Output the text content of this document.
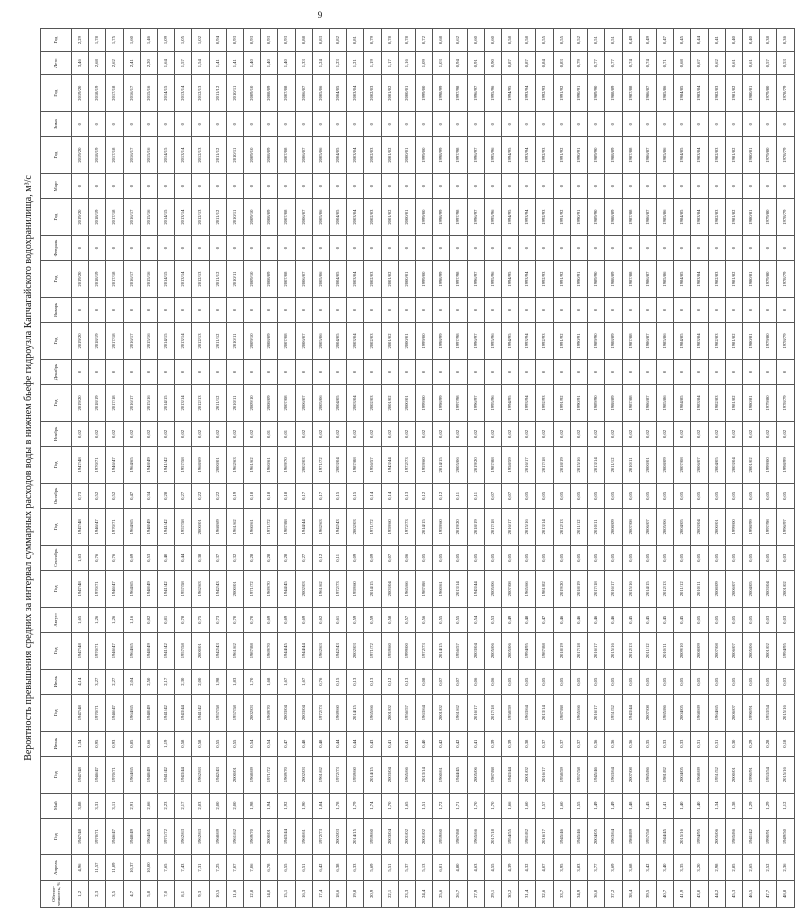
9
Вероятность превышения средних за интервал суммарных расходов воды в нижнем бьефе гидроузла Капчагайского водохранилища, м³/с
Обеспе-ченность, %	Апрель	Год	Май	Год	Июнь	Год	Июль	Год	Август	Год	Сентябрь	Год	Октябрь	Год	Ноябрь	Год	Декабрь	Год	Январь	Год	Февраль	Год	Март	Год	Зима	Год	Лето	Год
1,2	4,96	1947/48	3,88	1947/48	1,34	1947/48	4,14	1947/48	1,65	1947/48	1,63	1947/48	0,73	1947/48	0,02	2019/20	0	2019/20	0	2019/20	0	2019/20	0	2019/20	0	2019/20	3,46	2,29
2,3	11,57	1970/71	3,31	1946/47	0,95	1970/71	3,27	1970/71	1,26	1970/71	0,76	1946/47	0,52	1970/71	0,02	2018/19	0	2018/19	0	2018/19	0	2018/19	0	2018/19	0	2018/19	2,68	1,78
3,5	11,09	1946/47	3,11	1970/71	0,93	1946/47	2,27	1946/47	1,26	1946/47	0,76	1970/71	0,52	1946/47	0,02	2017/18	0	2017/18	0	2017/18	0	2017/18	0	2017/18	0	2017/18	2,62	1,75
4,7	10,37	1948/49	2,91	1964/65	0,85	1964/65	2,04	1964/65	1,16	1964/65	0,69	1964/65	0,47	1964/65	0,02	2016/17	0	2016/17	0	2016/17	0	2016/17	0	2016/17	0	2016/17	2,41	1,60
5,8	10,00	1964/65	2,66	1948/49	0,66	1948/49	2,50	1948/49	0,82	1948/49	0,53	1948/49	0,34	1948/49	0,02	2015/16	0	2015/16	0	2015/16	0	2015/16	0	2015/16	0	2015/16	2,20	1,46
7,0	7,65	1971/72	2,23	1941/42	1,19	1941/42	2,17	1941/42	0,81	1941/42	0,40	1941/42	0,28	1941/42	0,02	2014/15	0	2014/15	0	2014/15	0	2014/15	0	2014/15	0	2014/15	1,64	1,09
8,1	7,43	1962/63	2,17	1943/44	0,58	1943/44	2,30	1957/58	0,78	1957/58	0,44	1957/58	0,27	1957/58	0,02	2013/14	0	2013/14	0	2013/14	0	2013/14	0	2013/14	0	2013/14	1,57	1,05
9,3	7,31	1962/63	2,03	1962/63	0,58	1941/42	2,00	2000/01	0,75	1962/63	0,38	2000/01	0,22	1968/69	0,02	2012/13	0	2012/13	0	2012/13	0	2012/13	0	2012/13	0	2012/13	1,54	1,02
10,5	7,25	1968/69	2,00	1942/43	0,55	1957/58	1,98	1942/43	0,73	1942/43	0,37	1968/69	0,22	2000/01	0,02	2011/12	0	2011/12	0	2011/12	0	2011/12	0	2011/12	0	2011/12	1,41	0,94
11,6	7,07	1961/62	2,00	2000/01	0,55	1957/58	1,83	1961/62	0,70	2000/01	0,32	1961/62	0,19	1962/63	0,02	2010/11	0	2010/11	0	2010/11	0	2010/11	0	2010/11	0	2010/11	1,41	0,93
12,8	7,06	1969/70	1,98	1968/69	0,54	2002/03	1,70	1987/88	0,70	1971/72	0,28	1960/61	0,18	1961/62	0,02	2009/10	0	2009/10	0	2009/10	0	2009/10	0	2009/10	0	2009/10	1,40	0,93
14,0	6,78	2000/01	1,94	1971/72	0,54	1969/70	1,68	1969/70	0,69	1969/70	0,28	1971/72	0,18	1960/61	0,01	2008/09	0	2008/09	0	2008/09	0	2008/09	0	2008/09	0	2008/09	1,40	0,93
15,1	6,55	1943/44	1,92	1969/70	0,47	2003/04	1,67	1944/45	0,69	1944/45	0,28	1987/88	0,18	1969/70	0,01	2007/08	0	2007/08	0	2007/08	0	2007/08	0	2007/08	0	2007/08	1,40	0,93
16,3	6,51	1960/61	1,90	2002/03	0,48	2003/04	1,67	1944/44	0,69	2002/03	0,27	1944/44	0,17	2002/03	0,02	2006/07	0	2006/07	0	2006/07	0	2006/07	0	2006/07	0	2006/07	1,33	0,88
17,4	6,42	1972/73	1,84	1961/62	0,48	1972/73	0,76	1962/63	0,62	1961/62	0,12	1962/63	0,17	1971/72	0,02	2005/06	0	2005/06	0	2005/06	0	2005/06	0	2005/06	0	2005/06	1,24	0,83
18,6	6,38	2002/03	1,78	1972/73	0,44	1969/60	0,15	1942/43	0,61	1972/73	0,11	1942/43	0,15	2003/04	0,02	2004/05	0	2004/05	0	2004/05	0	2004/05	0	2004/05	0	2004/05	1,23	0,82
19,8	6,33	2014/15	1,79	1959/60	0,44	2014/15	0,13	2002/03	0,59	1959/60	0,09	2002/03	0,15	1987/88	0,02	2003/04	0	2003/04	0	2003/04	0	2003/04	0	2003/04	0	2003/04	1,21	0,81
20,9	5,69	1959/60	1,74	2014/15	0,43	1965/66	0,13	1971/72	0,59	2014/15	0,09	1971/72	0,14	1956/57	0,02	2002/03	0	2002/03	0	2002/03	0	2002/03	0	2002/03	0	2002/03	1,19	0,79
22,1	5,51	2003/04	1,70	2003/04	0,41	2001/02	0,12	1959/60	0,58	2003/04	0,07	1959/60	0,14	1943/44	0,02	2001/02	0	2001/02	0	2001/02	0	2001/02	0	2001/02	0	2001/02	1,17	0,78
23,3	5,37	2001/02	1,65	1965/66	0,41	1956/57	0,13	1999/00	0,57	1965/66	0,06	1972/73	0,13	1972/73	0,02	2000/01	0	2000/01	0	2000/01	0	2000/01	0	2000/01	0	2000/01	1,16	0,78
24,4	5,13	2001/02	1,51	2013/14	0,40	1963/64	0,08	1972/73	0,56	1987/88	0,05	2014/15	0,12	1959/60	0,02	1999/00	0	1999/00	0	1999/00	0	1999/00	0	1999/00	0	1999/00	1,09	0,72
25,6	6,01	1959/60	1,72	1960/61	0,42	2001/02	0,07	2014/15	0,55	1960/61	0,05	1959/60	0,12	2014/15	0,02	1998/99	0	1998/99	0	1998/99	0	1998/99	0	1998/99	0	1998/99	1,03	0,68
26,7	4,80	1987/88	1,71	1944/45	0,42	1961/62	0,07	1956/57	0,55	2013/14	0,05	2019/20	0,11	2005/06	0,02	1997/98	0	1997/98	0	1997/98	0	1997/98	0	1997/98	0	1997/98	0,94	0,62
27,9	4,63	1965/66	1,70	2005/06	0,41	2016/17	0,06	2003/04	0,54	1943/44	0,05	2018/19	0,11	2019/20	0,02	1996/97	0	1996/97	0	1996/97	0	1996/97	0	1996/97	0	1996/97	0,91	0,60
29,1	4,55	2017/18	1,70	1987/88	0,39	2017/18	0,06	2005/06	0,53	2005/06	0,05	2017/18	0,07	1987/88	0,02	1995/96	0	1995/96	0	1995/96	0	1995/96	0	1995/96	0	1995/96	0,90	0,60
30,2	4,39	1954/55	1,66	1943/44	0,39	1958/59	0,05	2005/06	0,49	2007/08	0,05	2016/17	0,07	1958/59	0,02	1994/95	0	1994/95	0	1994/95	0	1994/95	0	1994/95	0	1994/95	0,87	0,58
31,4	4,32	1981/82	1,60	2001/02	0,38	1963/64	0,05	1994/95	0,48	1965/66	0,05	2015/16	0,05	2016/17	0,02	1993/94	0	1993/94	0	1993/94	0	1993/94	0	1993/94	0	1993/94	0,87	0,58
32,6	4,07	2016/17	1,57	2016/17	0,37	2013/14	0,05	1987/88	0,47	1981/82	0,05	2013/14	0,05	2017/18	0,02	1992/93	0	1992/93	0	1992/93	0	1992/93	0	1992/93	0	1992/93	0,84	0,55
33,7	3,95	1945/46	1,60	1958/59	0,37	1987/88	0,05	2018/19	0,46	2019/20	0,05	2012/13	0,05	2018/19	0,02	1991/92	0	1991/92	0	1991/92	0	1991/92	0	1991/92	0	1991/92	0,83	0,55
34,9	3,83	1945/46	1,55	1957/58	0,37	1965/66	0,05	2017/18	0,46	2018/19	0,05	2011/12	0,05	2015/16	0,02	1990/91	0	1990/91	0	1990/91	0	1990/91	0	1990/91	0	1990/91	0,79	0,52
36,0	3,77	2004/05	1,49	1945/46	0,36	2016/17	0,05	2016/17	0,46	2017/18	0,05	2010/11	0,05	2013/14	0,02	1989/90	0	1989/90	0	1989/90	0	1989/90	0	1989/90	0	1989/90	0,77	0,51
37,2	3,69	1963/64	1,49	1963/64	0,36	1951/52	0,05	2015/16	0,46	2016/17	0,05	2008/09	0,05	2011/12	0,02	1988/89	0	1988/89	0	1988/89	0	1988/89	0	1988/89	0	1988/89	0,77	0,51
38,4	3,68	1988/89	1,48	2007/08	0,36	1943/44	0,05	2012/13	0,45	2015/16	0,05	2007/08	0,05	2010/11	0,02	1987/88	0	1987/88	0	1987/88	0	1987/88	0	1987/88	0	1987/88	0,74	0,49
39,5	3,42	1957/58	1,45	1985/86	0,35	2007/08	0,05	2011/12	0,45	2014/15	0,05	2006/07	0,05	2000/01	0,02	1986/87	0	1986/87	0	1986/87	0	1986/87	0	1986/87	0	1986/87	0,74	0,49
40,7	3,40	1944/45	1,41	1981/82	0,33	1985/86	0,05	2010/11	0,45	2012/13	0,05	2005/06	0,05	2008/09	0,02	1985/86	0	1985/86	0	1985/86	0	1985/86	0	1985/86	0	1985/86	0,71	0,47
41,9	3,35	2015/16	1,40	2004/05	0,33	2004/05	0,05	2009/10	0,45	2011/12	0,05	2004/05	0,05	2007/08	0,02	1984/85	0	1984/85	0	1984/85	0	1984/85	0	1984/85	0	1984/85	0,68	0,45
43,0	3,20	1994/95	1,40	1968/69	0,31	1968/69	0,05	2008/09	0,05	2010/11	0,05	2003/04	0,05	2006/07	0,02	1983/84	0	1983/84	0	1983/84	0	1983/84	0	1983/84	0	1983/84	0,67	0,44
44,2	2,98	2005/06	1,34	1951/52	0,31	1964/65	0,05	2007/08	0,05	2008/09	0,05	2000/01	0,05	2004/05	0,02	1982/83	0	1982/83	0	1982/83	0	1982/83	0	1982/83	0	1982/83	0,62	0,41
45,3	2,85	1985/86	1,38	2000/01	0,30	2006/07	0,05	2006/07	0,05	2006/07	0,05	1999/00	0,05	2003/04	0,02	1981/82	0	1981/82	0	1981/82	0	1981/82	0	1981/82	0	1981/82	0,61	0,40
46,5	2,65	1941/42	1,29	1990/91	0,29	1990/91	0,05	2005/06	0,05	2004/05	0,05	1998/99	0,05	2001/02	0,02	1980/81	0	1980/81	0	1980/81	0	1980/81	0	1980/81	0	1980/81	0,61	0,40
47,7	2,52	1990/91	1,29	1953/54	0,28	1953/54	0,05	2001/02	0,03	2003/04	0,05	1997/98	0,05	1999/00	0,02	1979/80	0	1979/80	0	1979/80	0	1979/80	0	1979/80	0	1979/80	0,57	0,38
48,8	2,36	1949/50	1,12	2015/16	0,18	2015/16	0,03	1994/95	0,03	2001/02	0,03	1996/97	0,05	1998/99	0,02	1978/79	0	1978/79	0	1978/79	0	1978/79	0	1978/79	0	1978/79	0,53	0,36
